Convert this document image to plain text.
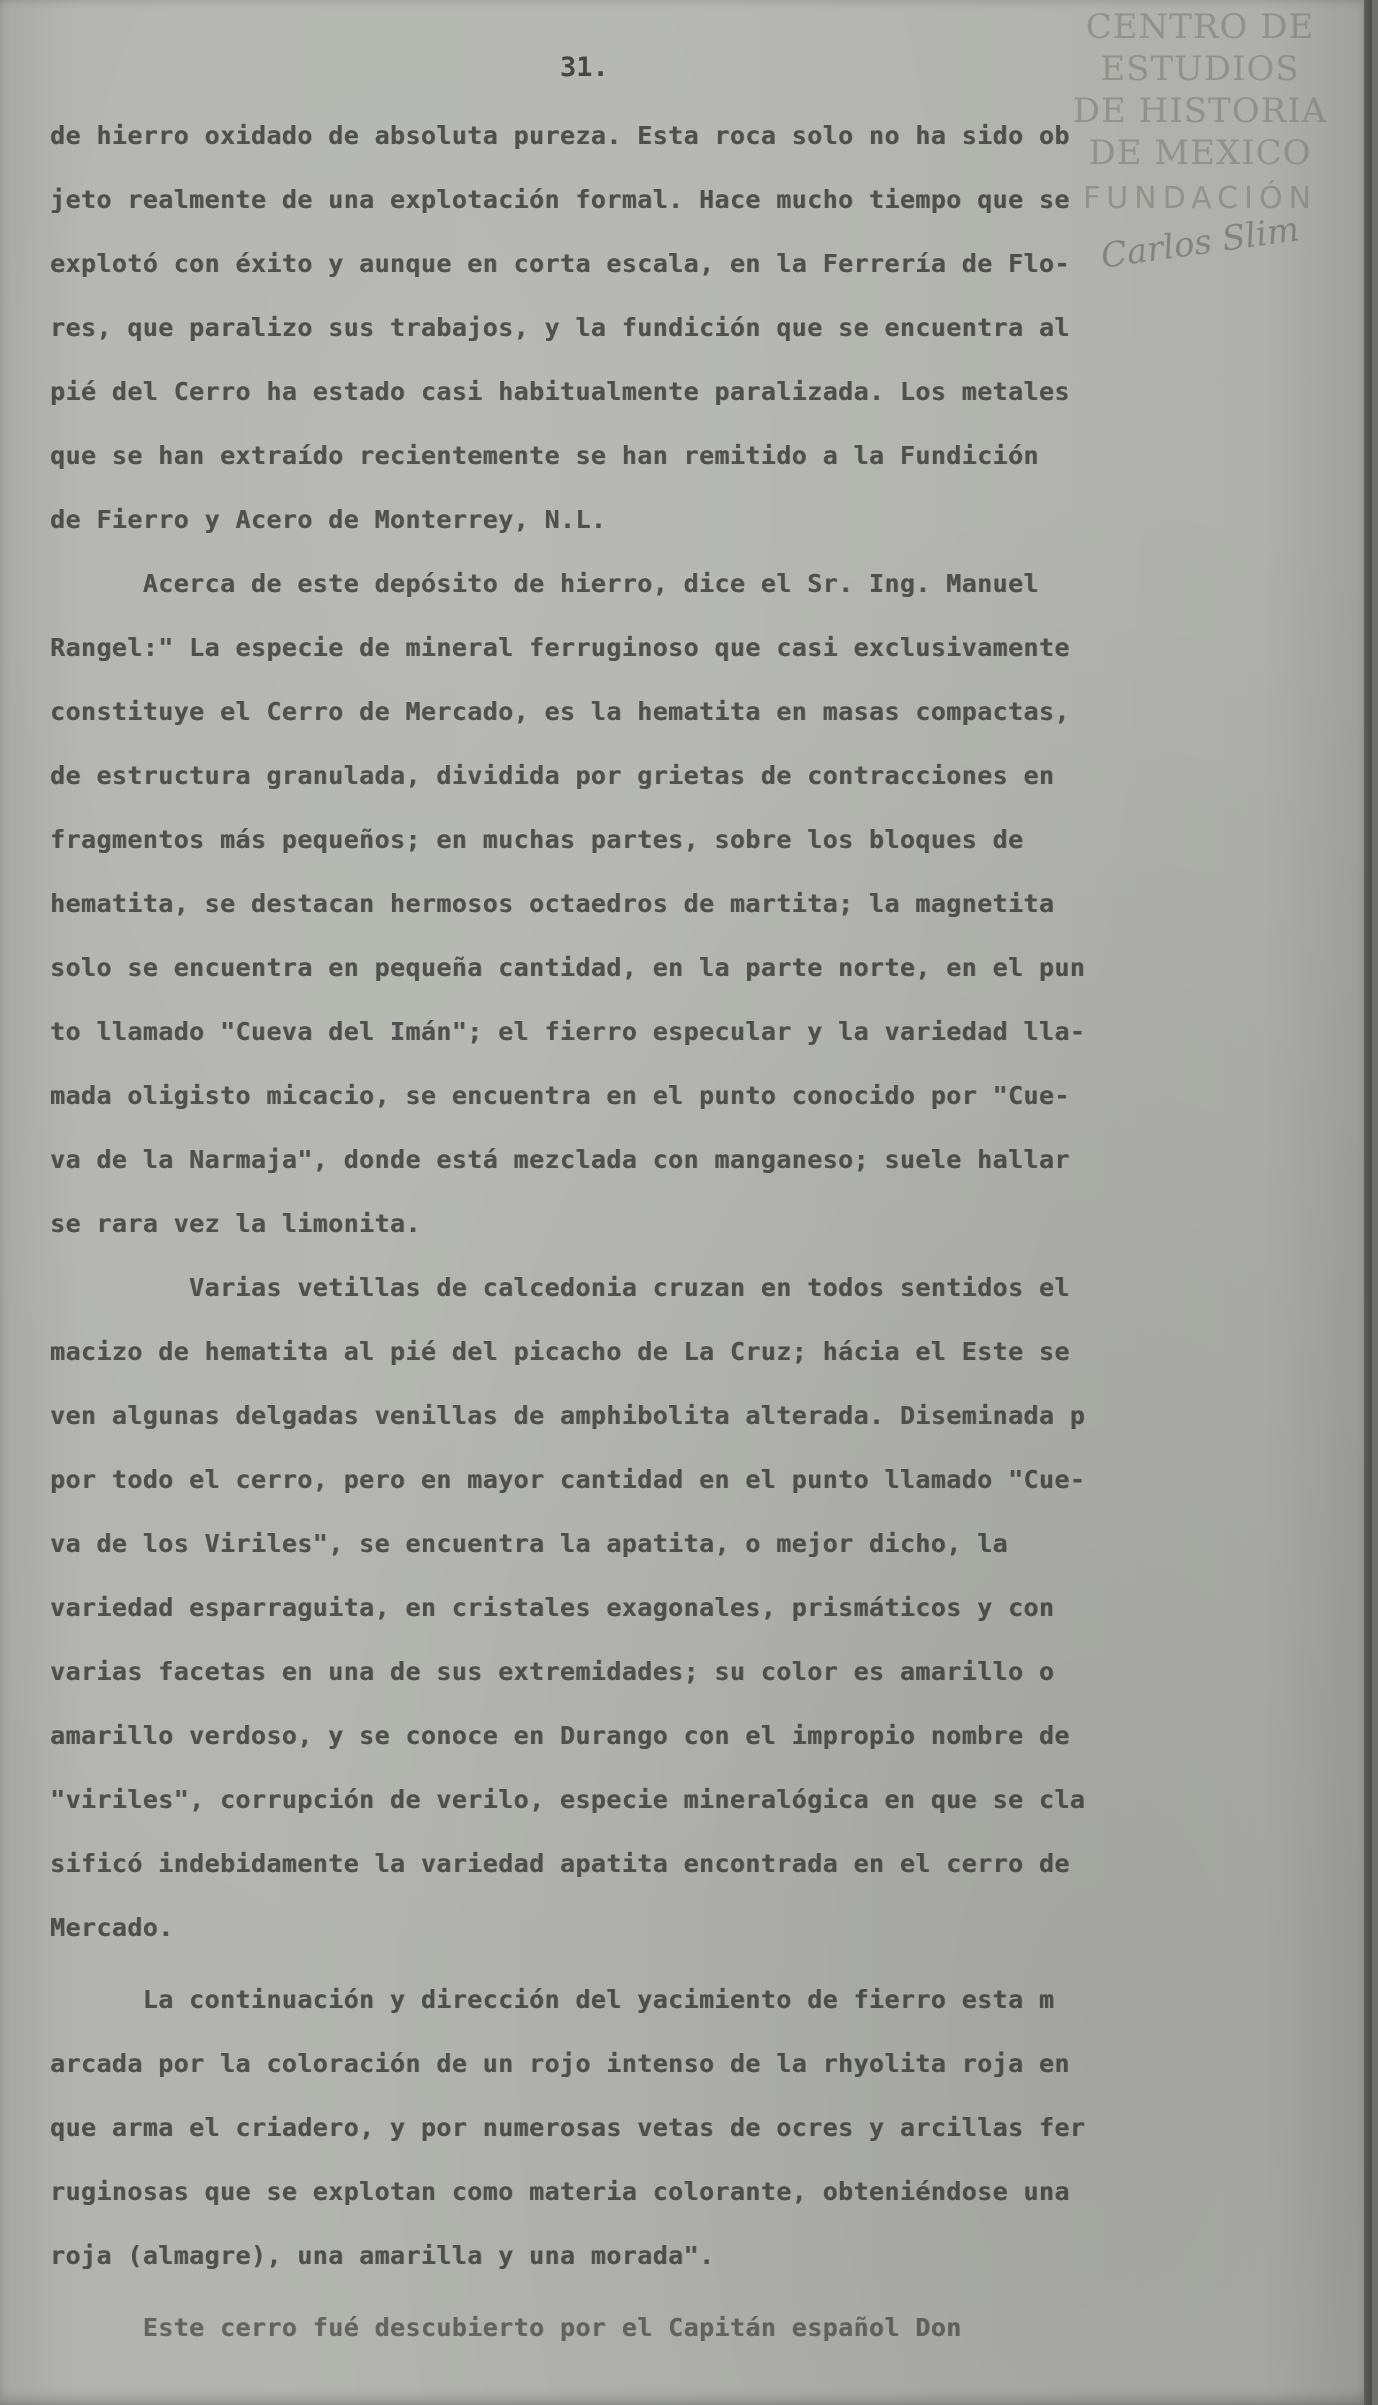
CENTRO DE
ESTUDIOS
DE HISTORIA
DE MEXICO
FUNDACIÓN
Carlos Slim
31.
de hierro oxidado de absoluta pureza. Esta roca solo no ha sido ob
jeto realmente de una explotación formal. Hace mucho tiempo que se
explotó con éxito y aunque en corta escala, en la Ferrería de Flo-
res, que paralizo sus trabajos, y la fundición que se encuentra al
pié del Cerro ha estado casi habitualmente paralizada. Los metales
que se han extraído recientemente se han remitido a la Fundición
de Fierro y Acero de Monterrey, N.L.
Acerca de este depósito de hierro, dice el Sr. Ing. Manuel
Rangel:" La especie de mineral ferruginoso que casi exclusivamente
constituye el Cerro de Mercado, es la hematita en masas compactas,
de estructura granulada, dividida por grietas de contracciones en
fragmentos más pequeños; en muchas partes, sobre los bloques de
hematita, se destacan hermosos octaedros de martita; la magnetita
solo se encuentra en pequeña cantidad, en la parte norte, en el pun
to llamado "Cueva del Imán"; el fierro especular y la variedad lla-
mada oligisto micacio, se encuentra en el punto conocido por "Cue-
va de la Narmaja", donde está mezclada con manganeso; suele hallar
se rara vez la limonita.
Varias vetillas de calcedonia cruzan en todos sentidos el
macizo de hematita al pié del picacho de La Cruz; hácia el Este se
ven algunas delgadas venillas de amphibolita alterada. Diseminada p
por todo el cerro, pero en mayor cantidad en el punto llamado "Cue-
va de los Viriles", se encuentra la apatita, o mejor dicho, la
variedad esparraguita, en cristales exagonales, prismáticos y con
varias facetas en una de sus extremidades; su color es amarillo o
amarillo verdoso, y se conoce en Durango con el impropio nombre de
"viriles", corrupción de verilo, especie mineralógica en que se cla
sificó indebidamente la variedad apatita encontrada en el cerro de
Mercado.
La continuación y dirección del yacimiento de fierro esta m
arcada por la coloración de un rojo intenso de la rhyolita roja en
que arma el criadero, y por numerosas vetas de ocres y arcillas fer
ruginosas que se explotan como materia colorante, obteniéndose una
roja (almagre), una amarilla y una morada".
Este cerro fué descubierto por el Capitán español Don
